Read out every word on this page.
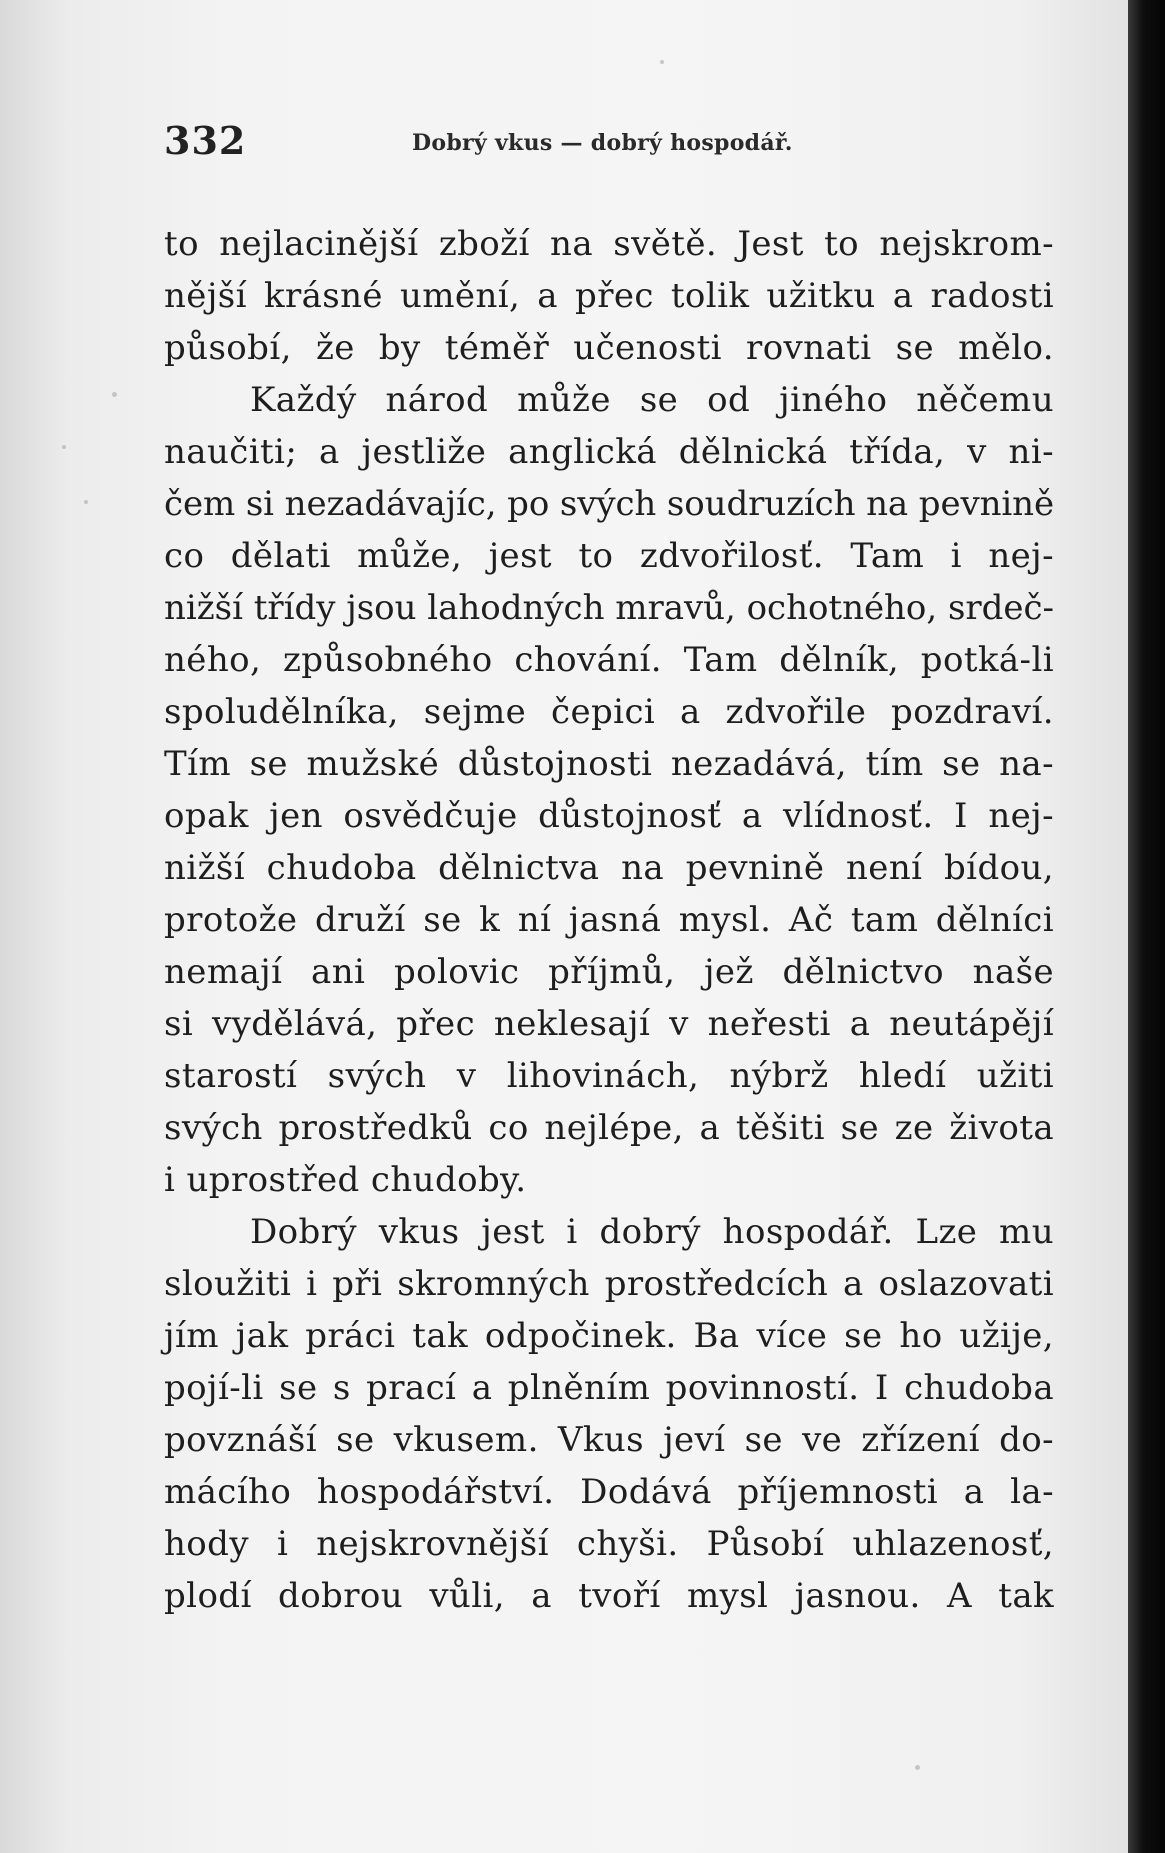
332	Dobrý vkus — dobrý hospodář.
to nejlacinější zboží na světě. Jest to nejskrom-
nější krásné umění, a přec tolik užitku a radosti
působí, že by téměř učenosti rovnati se mělo.
Každý národ může se od jiného něčemu
naučiti; a jestliže anglická dělnická třída, v ni-
čem si nezadávajíc, po svých soudruzích na pevnině
co dělati může, jest to zdvořilosť. Tam i nej-
nižší třídy jsou lahodných mravů, ochotného, srdeč-
ného, způsobného chování. Tam dělník, potká-li
spoludělníka, sejme čepici a zdvořile pozdraví.
Tím se mužské důstojnosti nezadává, tím se na-
opak jen osvědčuje důstojnosť a vlídnosť. I nej-
nižší chudoba dělnictva na pevnině není bídou,
protože druží se k ní jasná mysl. Ač tam dělníci
nemají ani polovic příjmů, jež dělnictvo naše
si vydělává, přec neklesají v neřesti a neutápějí
starostí svých v lihovinách, nýbrž hledí užiti
svých prostředků co nejlépe, a těšiti se ze života
i uprostřed chudoby.
Dobrý vkus jest i dobrý hospodář. Lze mu
sloužiti i při skromných prostředcích a oslazovati
jím jak práci tak odpočinek. Ba více se ho užije,
pojí-li se s prací a plněním povinností. I chudoba
povznáší se vkusem. Vkus jeví se ve zřízení do-
mácího hospodářství. Dodává příjemnosti a la-
hody i nejskrovnější chyši. Působí uhlazenosť,
plodí dobrou vůli, a tvoří mysl jasnou. A tak
